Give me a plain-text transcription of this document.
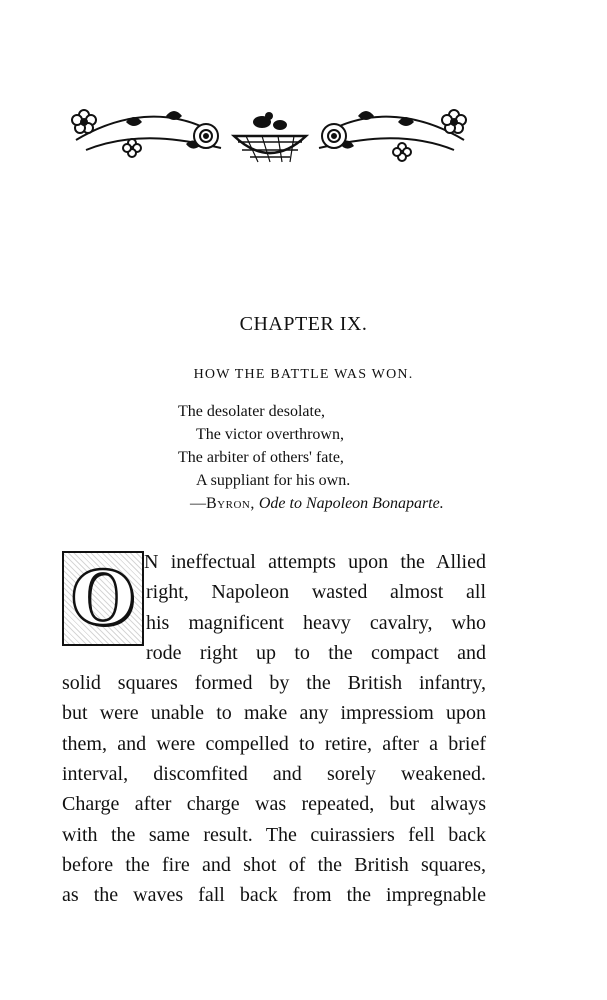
CHAPTER IX.
HOW THE BATTLE WAS WON.
The desolater desolate,
The victor overthrown,
The arbiter of others' fate,
A suppliant for his own.
—Byron, Ode to Napoleon Bonaparte.
O N ineffectual attempts upon the Allied
right, Napoleon wasted almost all
his magnificent heavy cavalry, who
rode right up to the compact and
solid squares formed by the British infantry,
but were unable to make any impressiom upon
them, and were compelled to retire, after a brief
interval, discomfited and sorely weakened.
Charge after charge was repeated, but always
with the same result. The cuirassiers fell back
before the fire and shot of the British squares,
as the waves fall back from the impregnable
